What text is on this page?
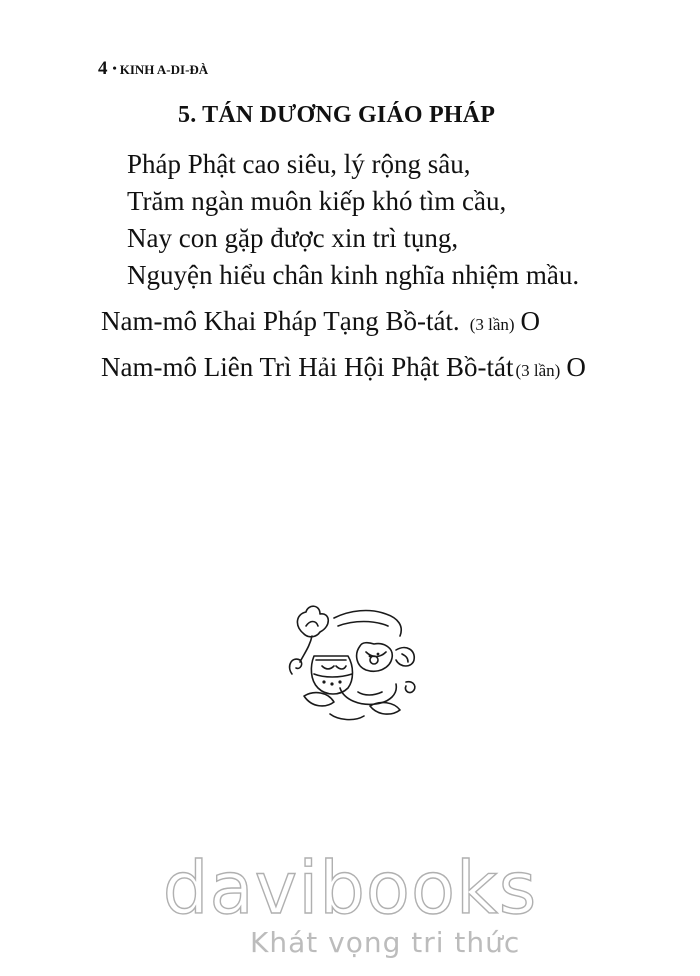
4 • KINH A-DI-ĐÀ
5. TÁN DƯƠNG GIÁO PHÁP
Pháp Phật cao siêu, lý rộng sâu,
Trăm ngàn muôn kiếp khó tìm cầu,
Nay con gặp được xin trì tụng,
Nguyện hiểu chân kinh nghĩa nhiệm mầu.
Nam-mô Khai Pháp Tạng Bồ-tát. (3 lần) O
Nam-mô Liên Trì Hải Hội Phật Bồ-tát (3 lần) O
davibooks
Khát vọng tri thức
